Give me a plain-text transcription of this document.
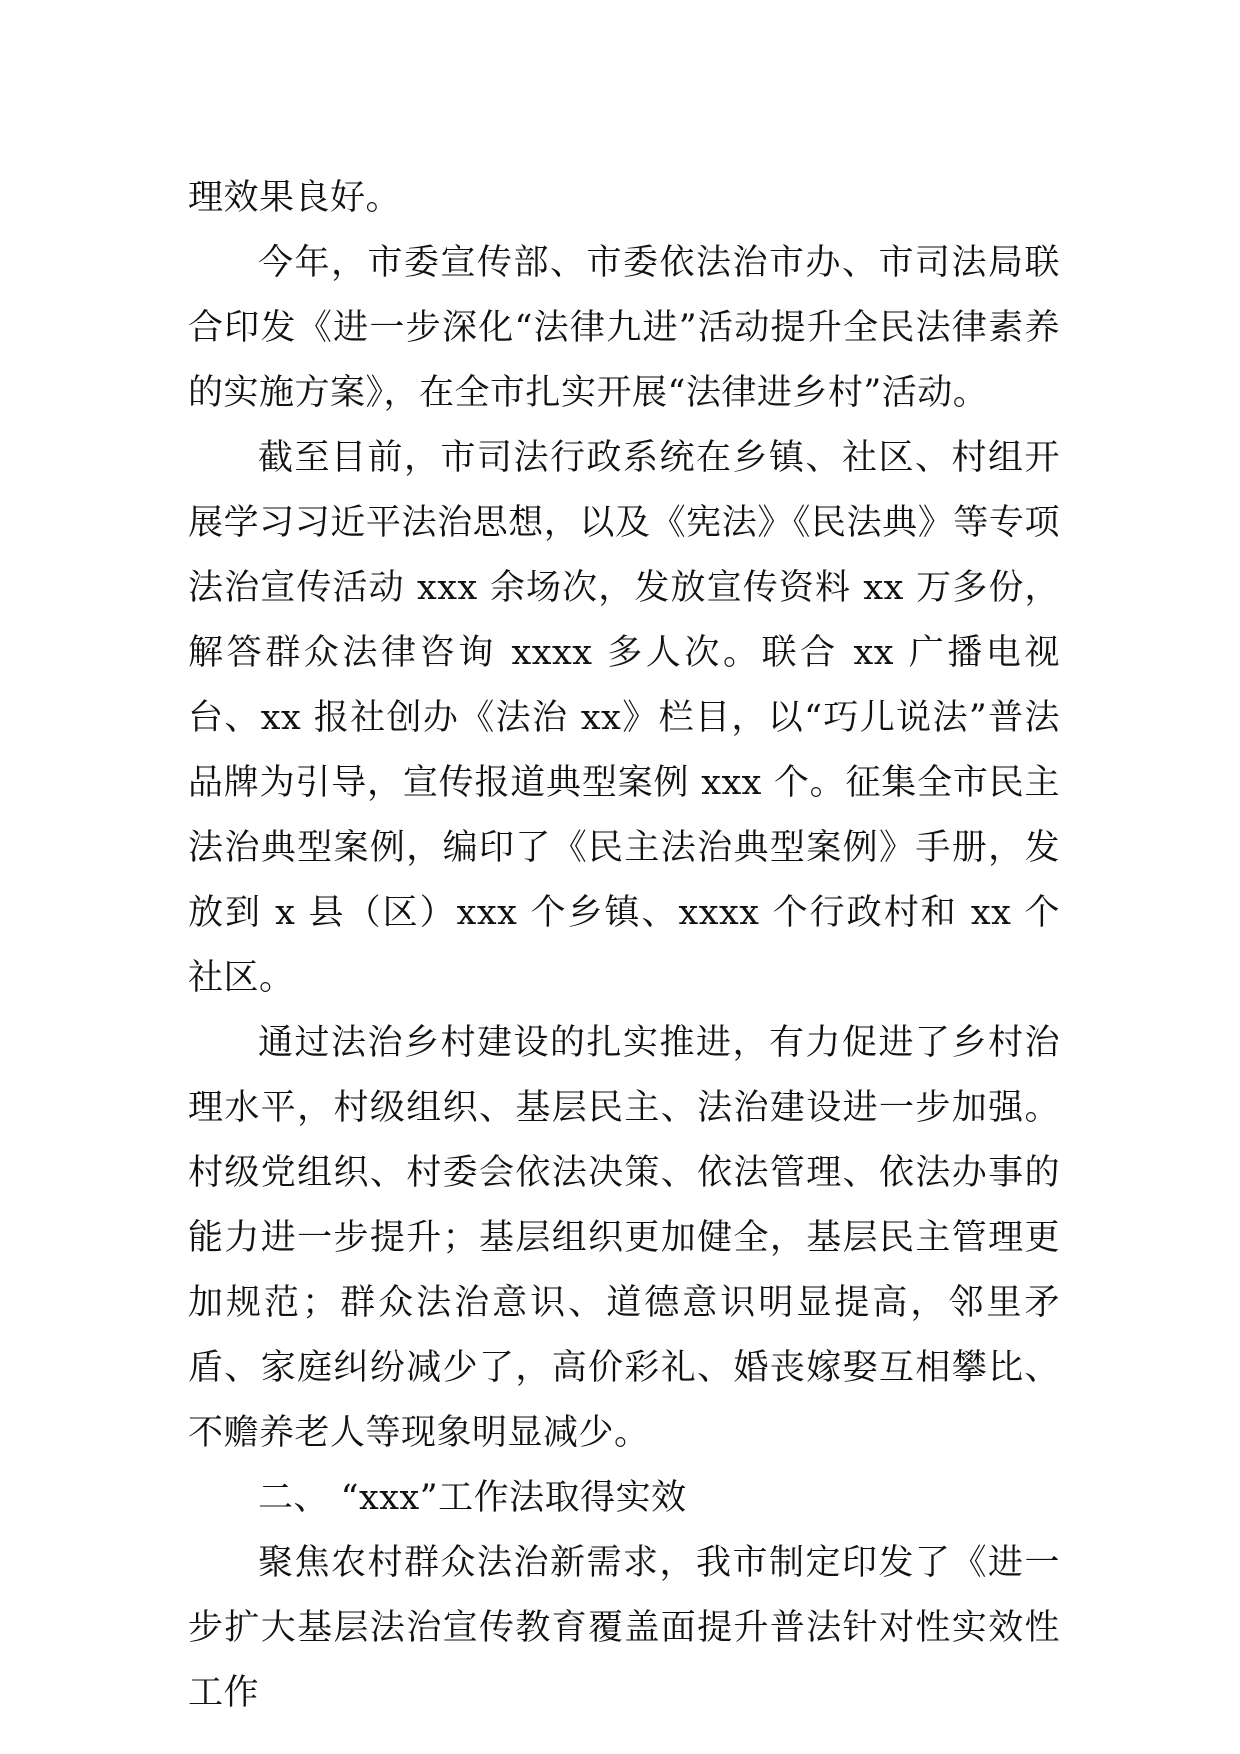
理效果良好。

今年，市委宣传部、市委依法治市办、市司法局联合印发《进一步深化“法律九进”活动提升全民法律素养的实施方案》，在全市扎实开展“法律进乡村”活动。

截至目前，市司法行政系统在乡镇、社区、村组开展学习习近平法治思想，以及《宪法》《民法典》等专项法治宣传活动 xxx 余场次，发放宣传资料 xx 万多份，解答群众法律咨询 xxxx 多人次。联合 xx 广播电视台、xx 报社创办《法治 xx》栏目，以“巧儿说法”普法品牌为引导，宣传报道典型案例 xxx 个。征集全市民主法治典型案例，编印了《民主法治典型案例》手册，发放到 x 县（区）xxx 个乡镇、xxxx 个行政村和 xx 个社区。

通过法治乡村建设的扎实推进，有力促进了乡村治理水平，村级组织、基层民主、法治建设进一步加强。村级党组织、村委会依法决策、依法管理、依法办事的能力进一步提升；基层组织更加健全，基层民主管理更加规范；群众法治意识、道德意识明显提高，邻里矛盾、家庭纠纷减少了，高价彩礼、婚丧嫁娶互相攀比、不赡养老人等现象明显减少。

二、 “xxx”工作法取得实效

聚焦农村群众法治新需求，我市制定印发了《进一步扩大基层法治宣传教育覆盖面提升普法针对性实效性工作
